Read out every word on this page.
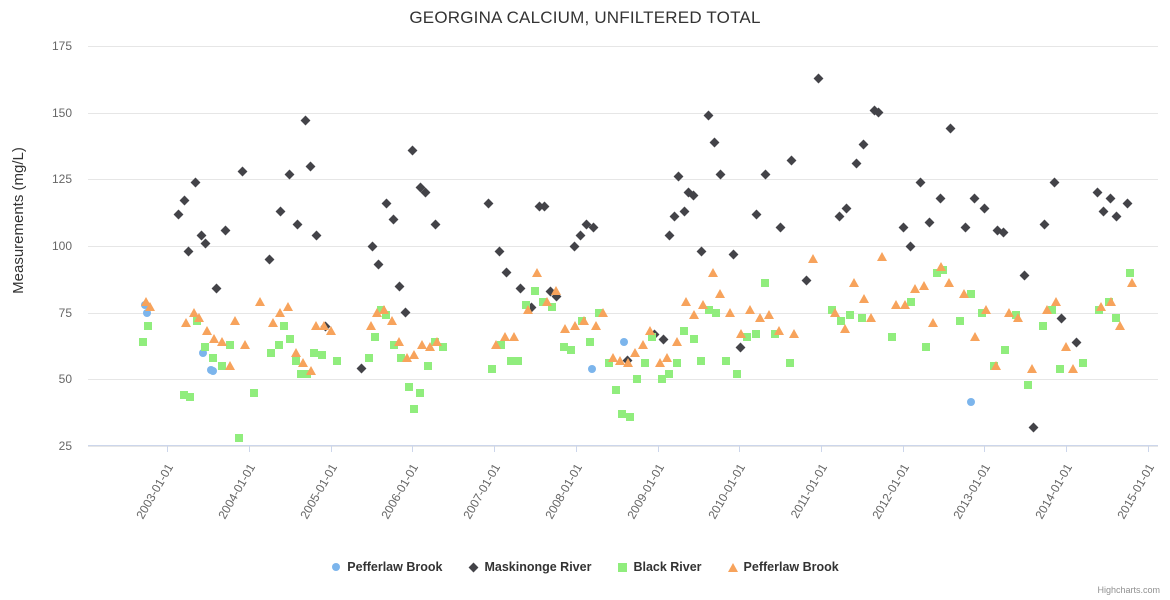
GEORGINA CALCIUM, UNFILTERED TOTAL
Measurements (mg/L)
25
50
75
100
125
150
175
2003-01-01	2004-01-01	2005-01-01	2006-01-01	2007-01-01	2008-01-01	2009-01-01	2010-01-01	2011-01-01	2012-01-01	2013-01-01	2014-01-01	2015-01-01
Pefferlaw Brook	Maskinonge River	Black River	Pefferlaw Brook
Highcharts.com
